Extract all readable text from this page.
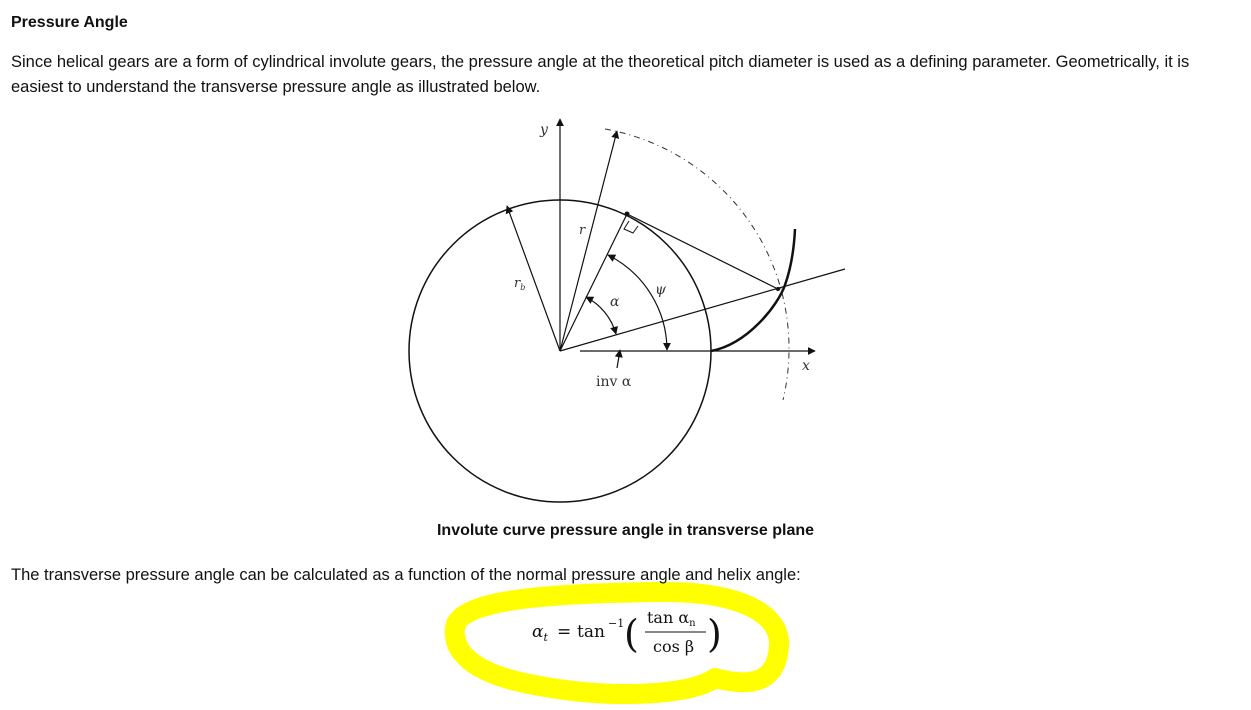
Pressure Angle

Since helical gears are a form of cylindrical involute gears, the pressure angle at the theoretical pitch diameter is used as a defining parameter. Geometrically, it is easiest to understand the transverse pressure angle as illustrated below.

y
x
r
$r_b$
α
ψ
inv α
$\alpha_t = \tan -1$ ( tan αn
cos β )
Involute curve pressure angle in transverse plane

The transverse pressure angle can be calculated as a function of the normal pressure angle and helix angle:
